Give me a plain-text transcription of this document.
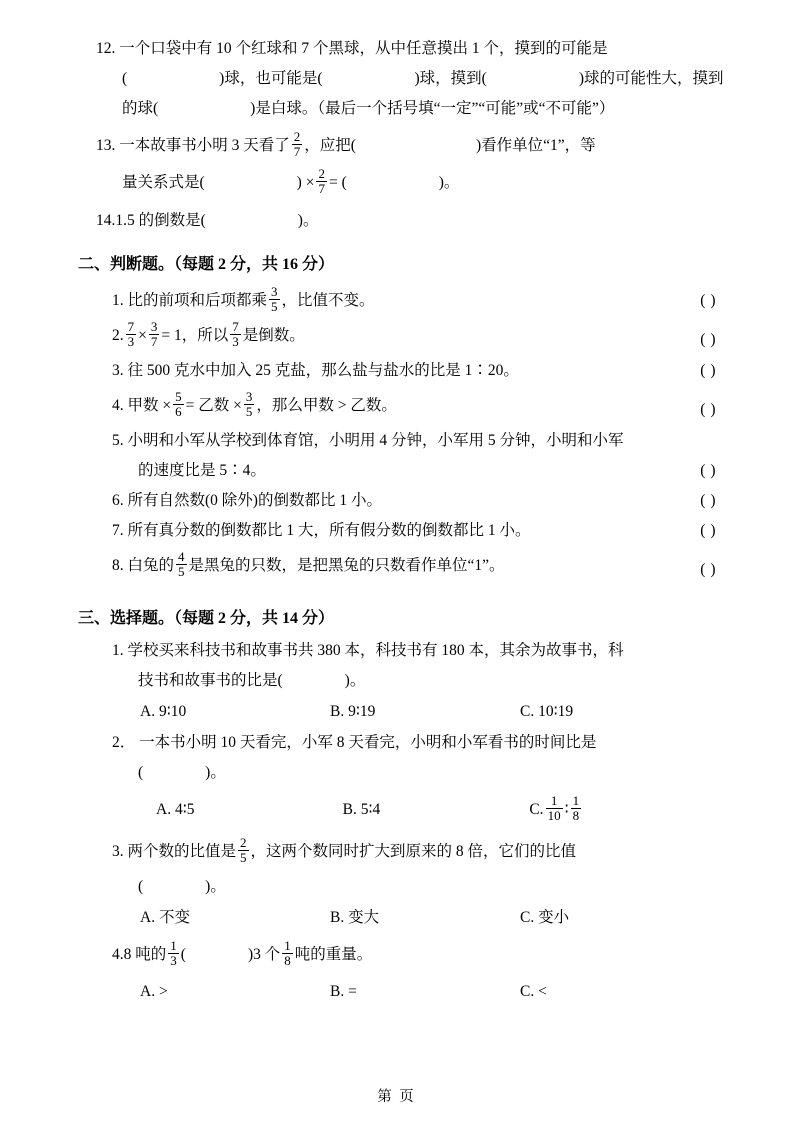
12. 一个口袋中有 10 个红球和 7 个黑球，从中任意摸出 1 个，摸到的可能是
(	)球，也可能是(	)球，摸到(	)球的可能性大，摸到
的球(	)是白球。（最后一个括号填“一定”“可能”或“不可能”）
13. 一本故事书小明 3 天看了 $\frac{2}{7}$ ，应把(	)看作单位“1”，等
量关系式是(	) × $\frac{2}{7}$ = (	)。
14.1.5 的倒数是(	)。
二、判断题。（每题 2 分，共 16 分）
1. 比的前项和后项都乘 $\frac{3}{5}$ ，比值不变。	( )
2. $\frac{7}{3} \times \frac{3}{7} = 1$，所以 $\frac{7}{3}$ 是倒数。	( )
3. 往 500 克水中加入 25 克盐，那么盐与盐水的比是 1∶20。	( )
4. 甲数 × $\frac{5}{6}$ = 乙数 × $\frac{3}{5}$ ，那么甲数 > 乙数。	( )
5. 小明和小军从学校到体育馆，小明用 4 分钟，小军用 5 分钟，小明和小军
的速度比是 5∶4。	( )
6. 所有自然数(0 除外)的倒数都比 1 小。	( )
7. 所有真分数的倒数都比 1 大，所有假分数的倒数都比 1 小。	( )
8. 白兔的 $\frac{4}{5}$ 是黑兔的只数，是把黑兔的只数看作单位“1”。	( )
三、选择题。（每题 2 分，共 14 分）
1. 学校买来科技书和故事书共 380 本，科技书有 180 本，其余为故事书，科
技书和故事书的比是(	)。
A. 9∶10	B. 9∶19	C. 10∶19
2． 一本书小明 10 天看完，小军 8 天看完，小明和小军看书的时间比是
(	)。
A. 4∶5	B. 5∶4	C. $\frac{1}{10}$ ∶ $\frac{1}{8}$
3. 两个数的比值是 $\frac{2}{5}$ ，这两个数同时扩大到原来的 8 倍，它们的比值
(	)。
A. 不变	B. 变大	C. 变小
4.8 吨的 $\frac{1}{3}$ (	)3 个 $\frac{1}{8}$ 吨的重量。
A. >	B. =	C. <
第 页
